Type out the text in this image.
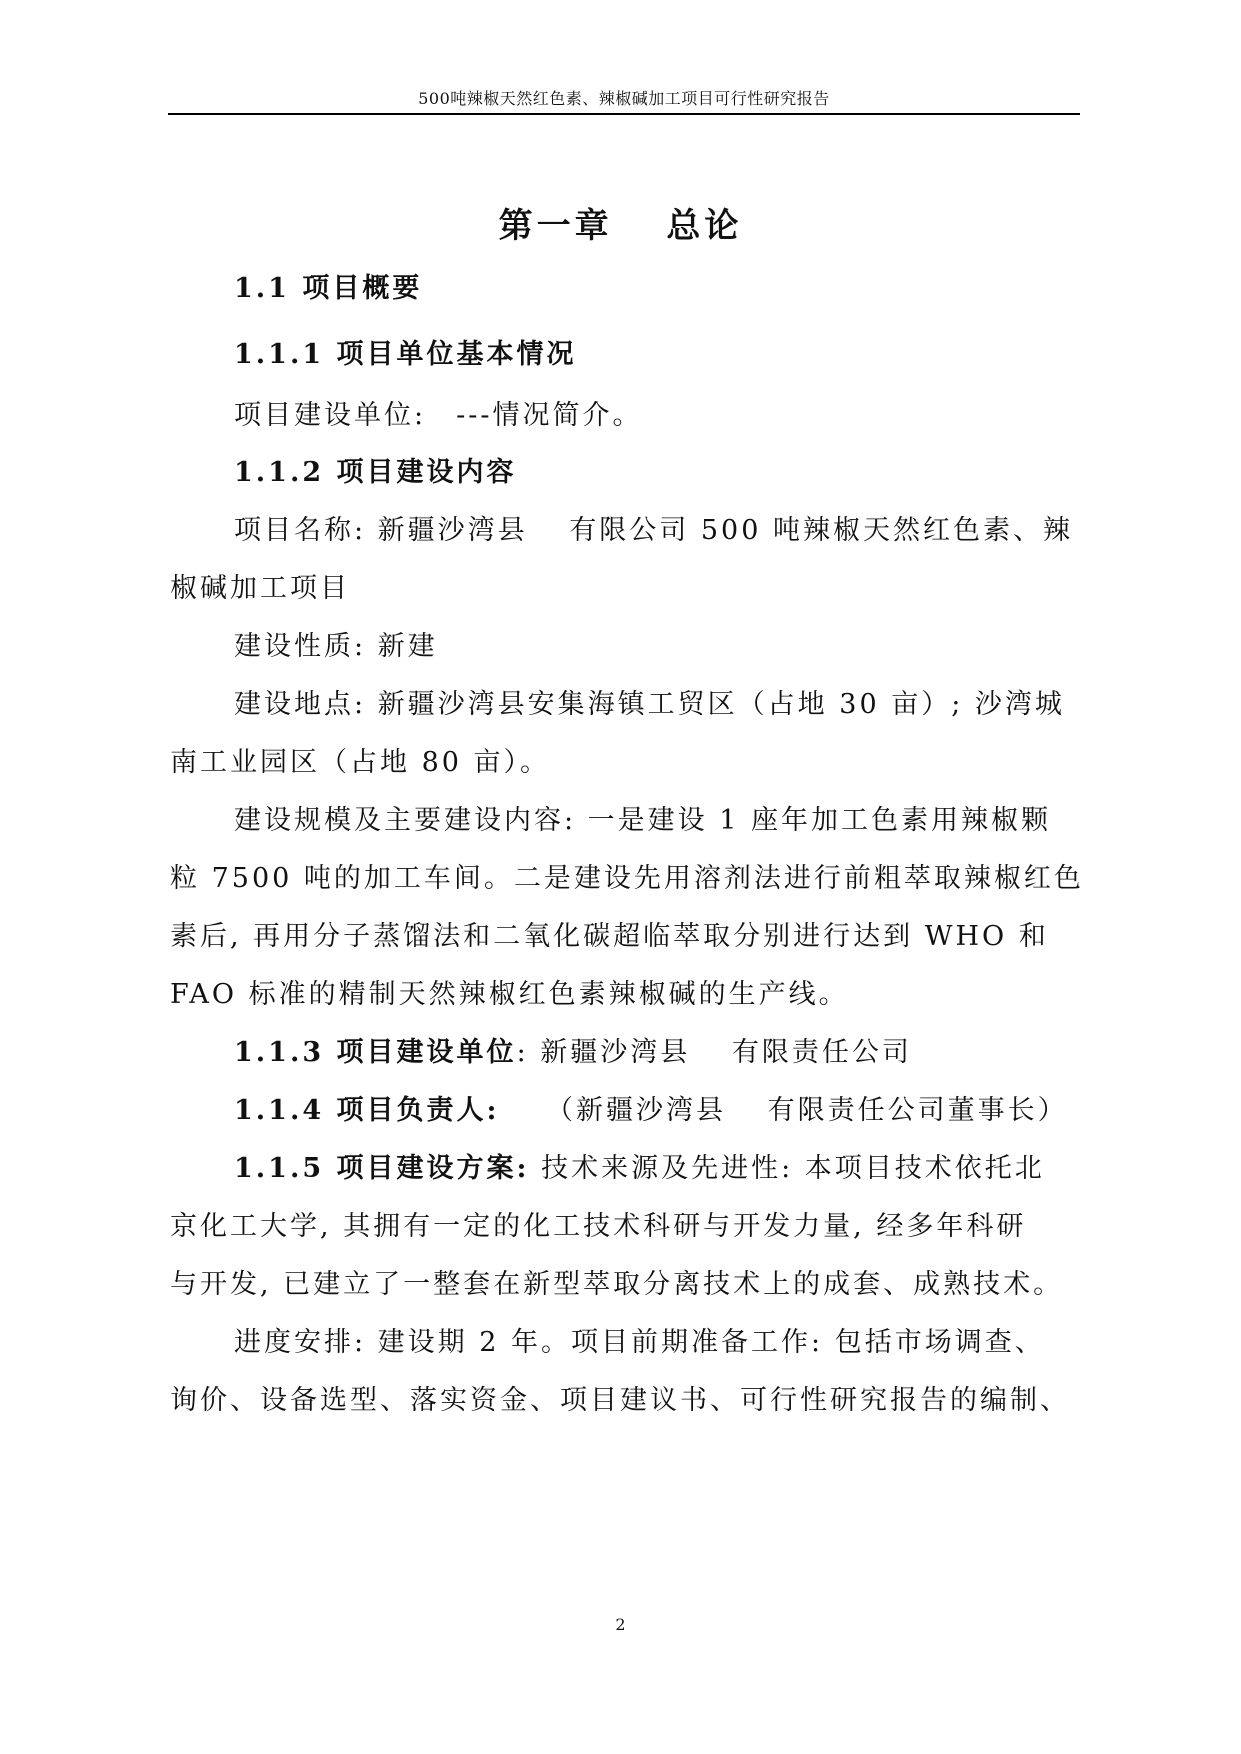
500吨辣椒天然红色素、辣椒碱加工项目可行性研究报告
第一章　 总论
1.1 项目概要
1.1.1 项目单位基本情况
项目建设单位:　---情况简介。
1.1.2 项目建设内容
项目名称: 新疆沙湾县　 有限公司 500 吨辣椒天然红色素、辣
椒碱加工项目
建设性质: 新建
建设地点: 新疆沙湾县安集海镇工贸区（占地 30 亩）; 沙湾城
南工业园区（占地 80 亩）。
建设规模及主要建设内容: 一是建设 1 座年加工色素用辣椒颗
粒 7500 吨的加工车间。二是建设先用溶剂法进行前粗萃取辣椒红色
素后, 再用分子蒸馏法和二氧化碳超临萃取分别进行达到 WHO 和
FAO 标准的精制天然辣椒红色素辣椒碱的生产线。
1.1.3 项目建设单位: 新疆沙湾县　 有限责任公司
1.1.4 项目负责人:　　（新疆沙湾县　 有限责任公司董事长）
1.1.5 项目建设方案: 技术来源及先进性: 本项目技术依托北
京化工大学, 其拥有一定的化工技术科研与开发力量, 经多年科研
与开发, 已建立了一整套在新型萃取分离技术上的成套、成熟技术。
进度安排: 建设期 2 年。项目前期准备工作: 包括市场调查、
询价、设备选型、落实资金、项目建议书、可行性研究报告的编制、
2
